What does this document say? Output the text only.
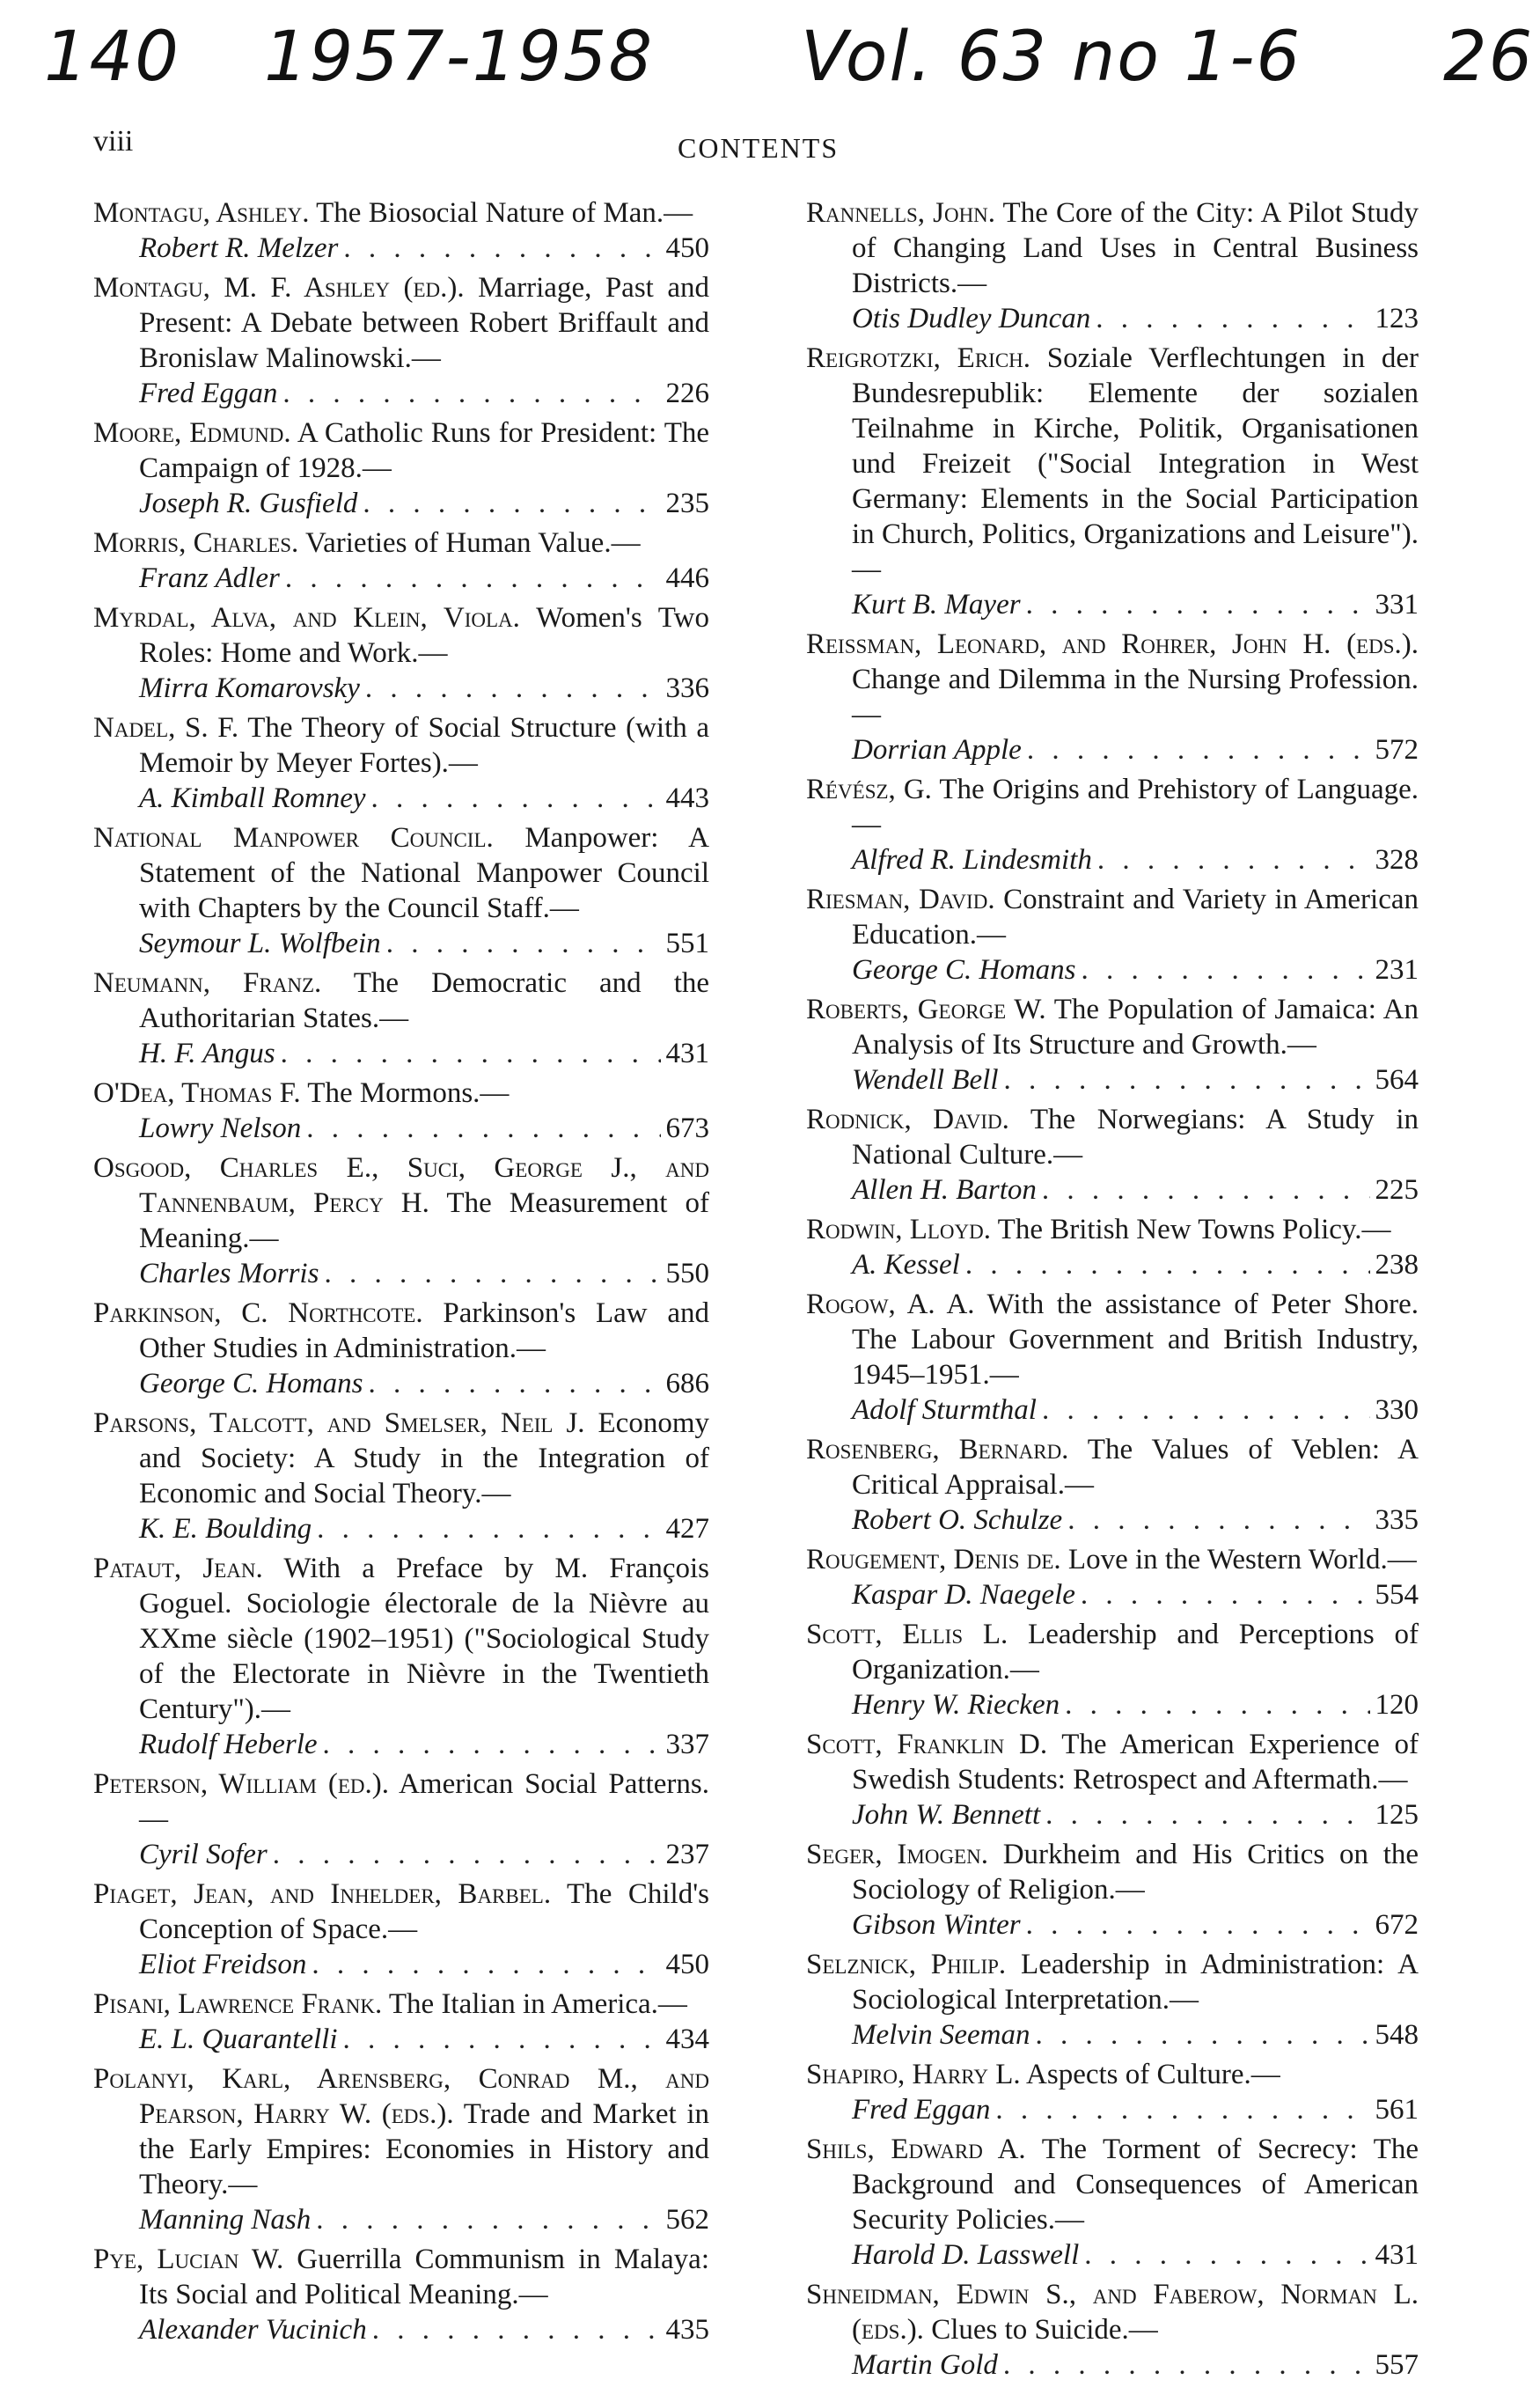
140 1957-1958 Vol. 63 no 1-6 26
viii	CONTENTS
Montagu, Ashley. The Biosocial Nature of Man.—
Robert R. Melzer . . .	450
Montagu, M. F. Ashley (ed.). Marriage, Past and Present: A Debate between Robert Briffault and Bronislaw Malinowski.—
Fred Eggan . . .	226
Moore, Edmund. A Catholic Runs for President: The Campaign of 1928.—
Joseph R. Gusfield . . .	235
Morris, Charles. Varieties of Human Value.—
Franz Adler . . .	446
Myrdal, Alva, and Klein, Viola. Women's Two Roles: Home and Work.—
Mirra Komarovsky . . .	336
Nadel, S. F. The Theory of Social Structure (with a Memoir by Meyer Fortes).—
A. Kimball Romney . . .	443
National Manpower Council. Manpower: A Statement of the National Manpower Council with Chapters by the Council Staff.—
Seymour L. Wolfbein . . .	551
Neumann, Franz. The Democratic and the Authoritarian States.—
H. F. Angus . . .	431
O'Dea, Thomas F. The Mormons.—
Lowry Nelson . . .	673
Osgood, Charles E., Suci, George J., and Tannenbaum, Percy H. The Measurement of Meaning.—
Charles Morris . . .	550
Parkinson, C. Northcote. Parkinson's Law and Other Studies in Administration.—
George C. Homans . . .	686
Parsons, Talcott, and Smelser, Neil J. Economy and Society: A Study in the Integration of Economic and Social Theory.—
K. E. Boulding . . .	427
Pataut, Jean. With a Preface by M. François Goguel. Sociologie électorale de la Nièvre au XXme siècle (1902–1951) ("Sociological Study of the Electorate in Nièvre in the Twentieth Century").—
Rudolf Heberle . . .	337
Peterson, William (ed.). American Social Patterns.—
Cyril Sofer . . .	237
Piaget, Jean, and Inhelder, Barbel. The Child's Conception of Space.—
Eliot Freidson . . .	450
Pisani, Lawrence Frank. The Italian in America.—
E. L. Quarantelli . . .	434
Polanyi, Karl, Arensberg, Conrad M., and Pearson, Harry W. (eds.). Trade and Market in the Early Empires: Economies in History and Theory.—
Manning Nash . . .	562
Pye, Lucian W. Guerrilla Communism in Malaya: Its Social and Political Meaning.—
Alexander Vucinich . . .	435
Rannells, John. The Core of the City: A Pilot Study of Changing Land Uses in Central Business Districts.—
Otis Dudley Duncan . . .	123
Reigrotzki, Erich. Soziale Verflechtungen in der Bundesrepublik: Elemente der sozialen Teilnahme in Kirche, Politik, Organisationen und Freizeit ("Social Integration in West Germany: Elements in the Social Participation in Church, Politics, Organizations and Leisure").—
Kurt B. Mayer . . .	331
Reissman, Leonard, and Rohrer, John H. (eds.). Change and Dilemma in the Nursing Profession.—
Dorrian Apple . . .	572
Révész, G. The Origins and Prehistory of Language.—
Alfred R. Lindesmith . . .	328
Riesman, David. Constraint and Variety in American Education.—
George C. Homans . . .	231
Roberts, George W. The Population of Jamaica: An Analysis of Its Structure and Growth.—
Wendell Bell . . .	564
Rodnick, David. The Norwegians: A Study in National Culture.—
Allen H. Barton . . .	225
Rodwin, Lloyd. The British New Towns Policy.—
A. Kessel . . .	238
Rogow, A. A. With the assistance of Peter Shore. The Labour Government and British Industry, 1945–1951.—
Adolf Sturmthal . . .	330
Rosenberg, Bernard. The Values of Veblen: A Critical Appraisal.—
Robert O. Schulze . . .	335
Rougement, Denis de. Love in the Western World.—
Kaspar D. Naegele . . .	554
Scott, Ellis L. Leadership and Perceptions of Organization.—
Henry W. Riecken . . .	120
Scott, Franklin D. The American Experience of Swedish Students: Retrospect and Aftermath.—
John W. Bennett . . .	125
Seger, Imogen. Durkheim and His Critics on the Sociology of Religion.—
Gibson Winter . . .	672
Selznick, Philip. Leadership in Administration: A Sociological Interpretation.—
Melvin Seeman . . .	548
Shapiro, Harry L. Aspects of Culture.—
Fred Eggan . . .	561
Shils, Edward A. The Torment of Secrecy: The Background and Consequences of American Security Policies.—
Harold D. Lasswell . . .	431
Shneidman, Edwin S., and Faberow, Norman L. (eds.). Clues to Suicide.—
Martin Gold . . .	557
